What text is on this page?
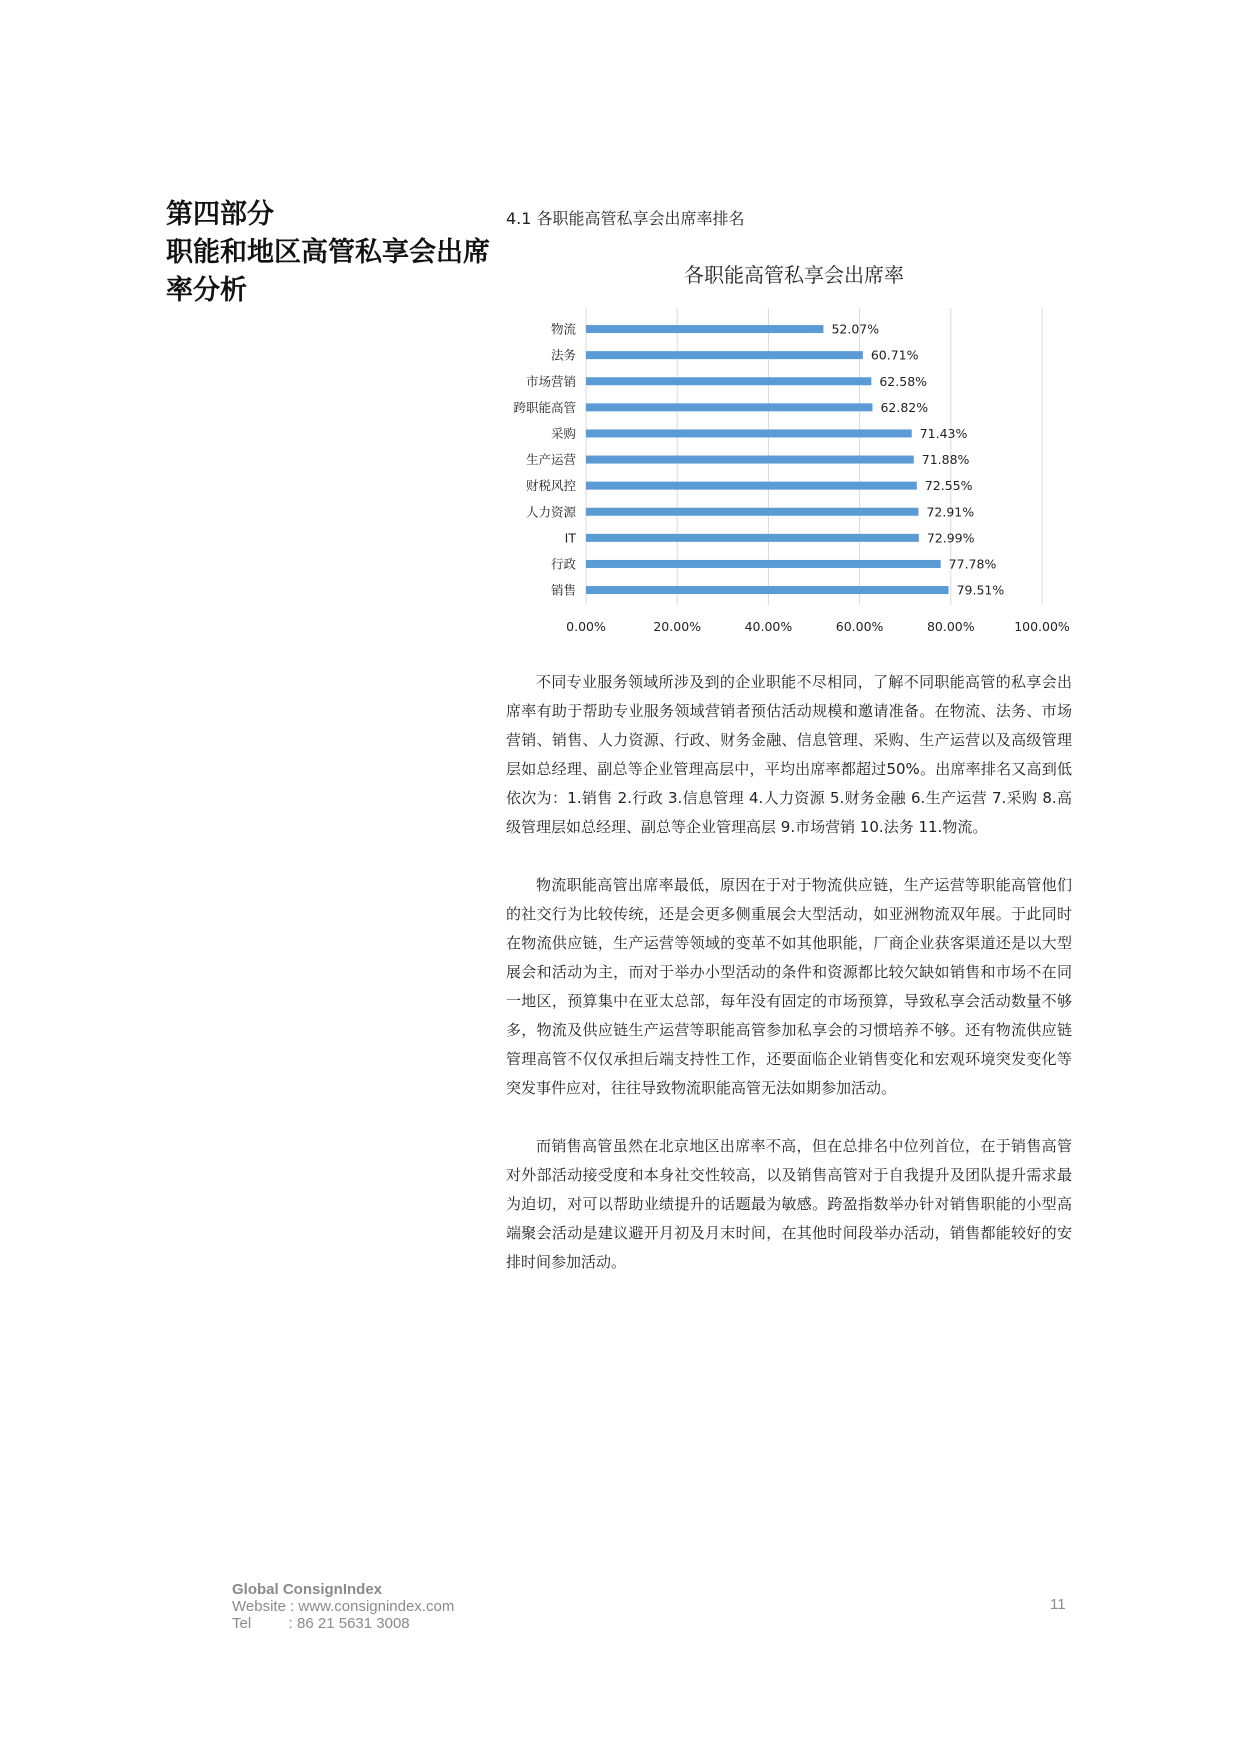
第四部分
职能和地区高管私享会出席
率分析
4.1 各职能高管私享会出席率排名
各职能高管私享会出席率
0.00%	20.00%	40.00%	60.00%	80.00%	100.00%
物流	52.07%
法务	60.71%
市场营销	62.58%
跨职能高管	62.82%
采购	71.43%
生产运营	71.88%
财税风控	72.55%
人力资源	72.91%
IT	72.99%
行政	77.78%
销售	79.51%

不同专业服务领域所涉及到的企业职能不尽相同，了解不同职能高管的私享会出席率有助于帮助专业服务领域营销者预估活动规模和邀请准备。在物流、法务、市场营销、销售、人力资源、行政、财务金融、信息管理、采购、生产运营以及高级管理层如总经理、副总等企业管理高层中，平均出席率都超过50%。出席率排名又高到低依次为：1.销售 2.行政 3.信息管理 4.人力资源 5.财务金融 6.生产运营 7.采购 8.高级管理层如总经理、副总等企业管理高层 9.市场营销 10.法务 11.物流。

物流职能高管出席率最低，原因在于对于物流供应链，生产运营等职能高管他们的社交行为比较传统，还是会更多侧重展会大型活动，如亚洲物流双年展。于此同时在物流供应链，生产运营等领域的变革不如其他职能，厂商企业获客渠道还是以大型展会和活动为主，而对于举办小型活动的条件和资源都比较欠缺如销售和市场不在同一地区，预算集中在亚太总部，每年没有固定的市场预算，导致私享会活动数量不够多，物流及供应链生产运营等职能高管参加私享会的习惯培养不够。还有物流供应链管理高管不仅仅承担后端支持性工作，还要面临企业销售变化和宏观环境突发变化等突发事件应对，往往导致物流职能高管无法如期参加活动。

而销售高管虽然在北京地区出席率不高，但在总排名中位列首位，在于销售高管对外部活动接受度和本身社交性较高，以及销售高管对于自我提升及团队提升需求最为迫切，对可以帮助业绩提升的话题最为敏感。跨盈指数举办针对销售职能的小型高端聚会活动是建议避开月初及月末时间，在其他时间段举办活动，销售都能较好的安排时间参加活动。

Global ConsignIndex
Website : www.consignindex.com
Tel         : 86 21 5631 3008
11
